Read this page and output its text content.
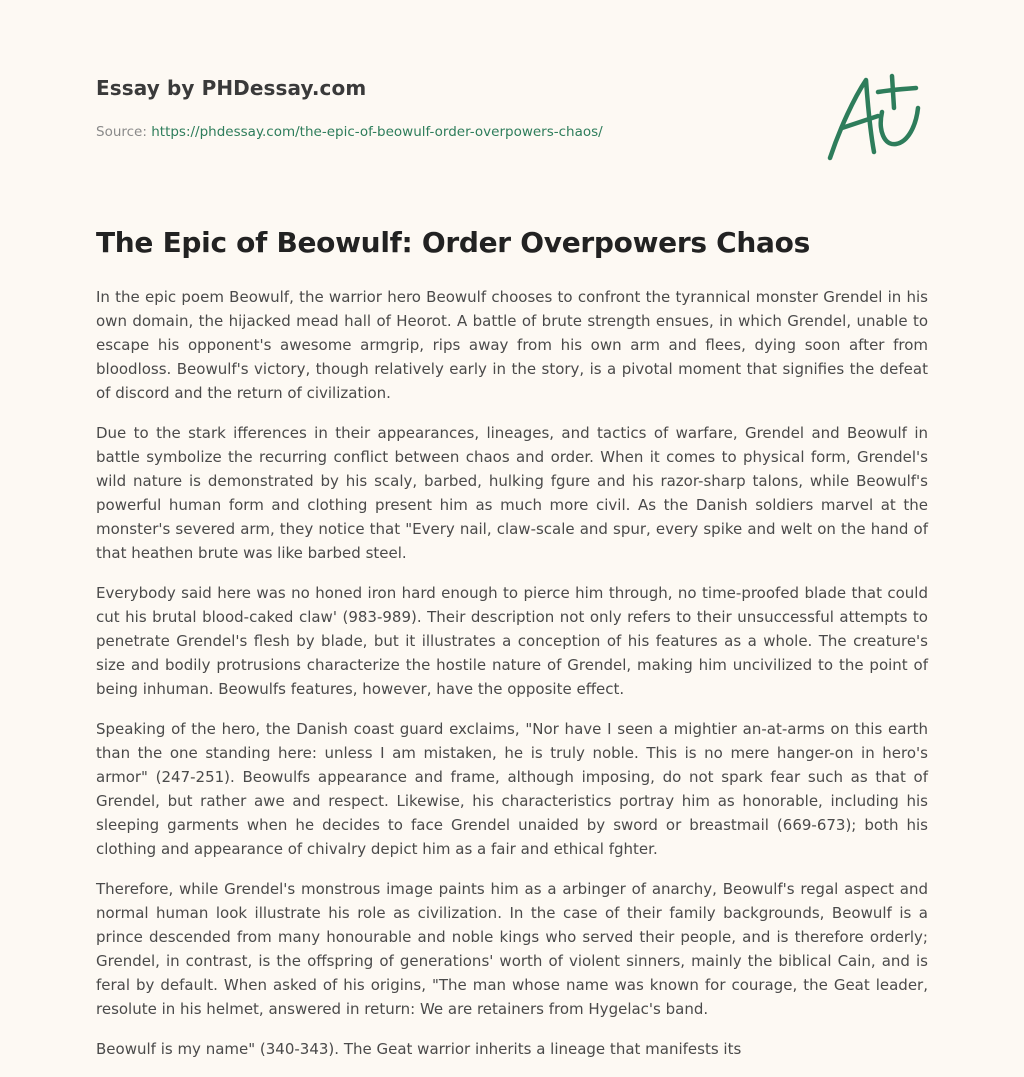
Essay by PHDessay.com
Source: https://phdessay.com/the-epic-of-beowulf-order-overpowers-chaos/
The Epic of Beowulf: Order Overpowers Chaos

In the epic poem Beowulf, the warrior hero Beowulf chooses to confront the tyrannical monster Grendel in his own domain, the hijacked mead hall of Heorot. A battle of brute strength ensues, in which Grendel, unable to escape his opponent's awesome armgrip, rips away from his own arm and flees, dying soon after from bloodloss. Beowulf's victory, though relatively early in the story, is a pivotal moment that signifies the defeat of discord and the return of civilization.

Due to the stark ifferences in their appearances, lineages, and tactics of warfare, Grendel and Beowulf in battle symbolize the recurring conflict between chaos and order. When it comes to physical form, Grendel's wild nature is demonstrated by his scaly, barbed, hulking fgure and his razor-sharp talons, while Beowulf's powerful human form and clothing present him as much more civil. As the Danish soldiers marvel at the monster's severed arm, they notice that "Every nail, claw-scale and spur, every spike and welt on the hand of that heathen brute was like barbed steel.

Everybody said here was no honed iron hard enough to pierce him through, no time-proofed blade that could cut his brutal blood-caked claw' (983-989). Their description not only refers to their unsuccessful attempts to penetrate Grendel's flesh by blade, but it illustrates a conception of his features as a whole. The creature's size and bodily protrusions characterize the hostile nature of Grendel, making him uncivilized to the point of being inhuman. Beowulfs features, however, have the opposite effect.

Speaking of the hero, the Danish coast guard exclaims, "Nor have I seen a mightier an-at-arms on this earth than the one standing here: unless I am mistaken, he is truly noble. This is no mere hanger-on in hero's armor" (247-251). Beowulfs appearance and frame, although imposing, do not spark fear such as that of Grendel, but rather awe and respect. Likewise, his characteristics portray him as honorable, including his sleeping garments when he decides to face Grendel unaided by sword or breastmail (669-673); both his clothing and appearance of chivalry depict him as a fair and ethical fghter.

Therefore, while Grendel's monstrous image paints him as a arbinger of anarchy, Beowulf's regal aspect and normal human look illustrate his role as civilization. In the case of their family backgrounds, Beowulf is a prince descended from many honourable and noble kings who served their people, and is therefore orderly; Grendel, in contrast, is the offspring of generations' worth of violent sinners, mainly the biblical Cain, and is feral by default. When asked of his origins, "The man whose name was known for courage, the Geat leader, resolute in his helmet, answered in return: We are retainers from Hygelac's band.

Beowulf is my name" (340-343). The Geat warrior inherits a lineage that manifests its
